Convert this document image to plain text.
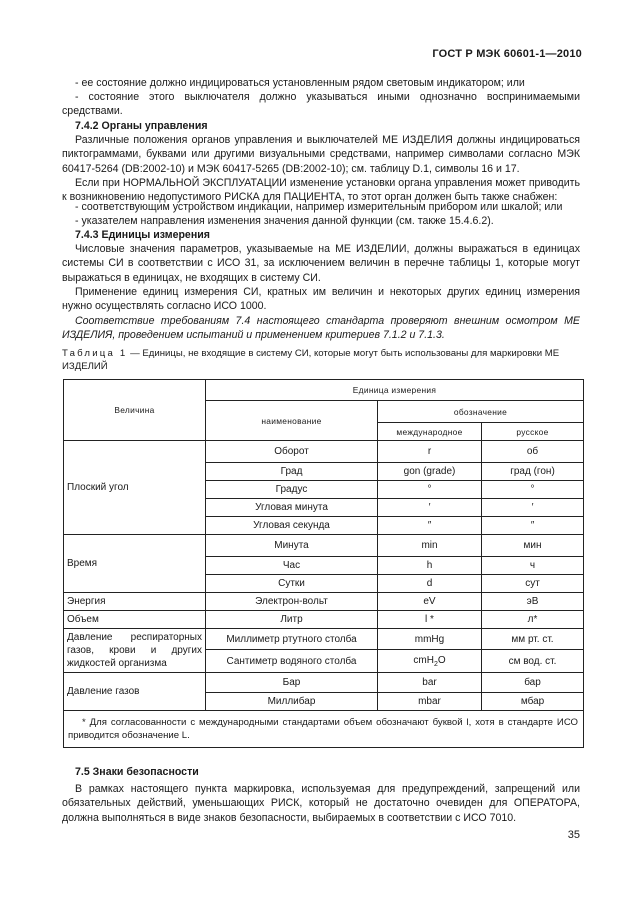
ГОСТ Р МЭК 60601-1—2010
- ее состояние должно индицироваться установленным рядом световым индикатором; или
- состояние этого выключателя должно указываться иными однозначно воспринимаемыми средствами.
7.4.2 Органы управления
Различные положения органов управления и выключателей МЕ ИЗДЕЛИЯ должны индицироваться пиктограммами, буквами или другими визуальными средствами, например символами согласно МЭК 60417-5264 (DB:2002-10) и МЭК 60417-5265 (DB:2002-10); см. таблицу D.1, символы 16 и 17.
Если при НОРМАЛЬНОЙ ЭКСПЛУАТАЦИИ изменение установки органа управления может приводить к возникновению недопустимого РИСКА для ПАЦИЕНТА, то этот орган должен быть также снабжен:
- соответствующим устройством индикации, например измерительным прибором или шкалой; или
- указателем направления изменения значения данной функции (см. также 15.4.6.2).
7.4.3 Единицы измерения
Числовые значения параметров, указываемые на МЕ ИЗДЕЛИИ, должны выражаться в единицах системы СИ в соответствии с ИСО 31, за исключением величин в перечне таблицы 1, которые могут выражаться в единицах, не входящих в систему СИ.
Применение единиц измерения СИ, кратных им величин и некоторых других единиц измерения нужно осуществлять согласно ИСО 1000.
Соответствие требованиям 7.4 настоящего стандарта проверяют внешним осмотром МЕ ИЗДЕЛИЯ, проведением испытаний и применением критериев 7.1.2 и 7.1.3.
Таблица 1 — Единицы, не входящие в систему СИ, которые могут быть использованы для маркировки МЕ ИЗДЕЛИЙ
Величина	Единица измерения		
	наименование	обозначение	
		международное	русское
Плоский угол	Оборот	r	об
	Град	gon (grade)	град (гон)
	Градус	°	°
	Угловая минута	′	′
	Угловая секунда	″	″
Время	Минута	min	мин
	Час	h	ч
	Сутки	d	сут
Энергия	Электрон-вольт	eV	эВ
Объем	Литр	l *	л*
Давление респираторных газов, крови и других жидкостей организма	Миллиметр ртутного столба	mmHg	мм рт. ст.
	Сантиметр водяного столба	cmH$_2$O	см вод. ст.
Давление газов	Бар	bar	бар
	Миллибар	mbar	мбар
* Для согласованности с международными стандартами объем обозначают буквой l, хотя в стандарте ИСО приводится обозначение L.			
7.5 Знаки безопасности
В рамках настоящего пункта маркировка, используемая для предупреждений, запрещений или обязательных действий, уменьшающих РИСК, который не достаточно очевиден для ОПЕРАТОРА, должна выполняться в виде знаков безопасности, выбираемых в соответствии с ИСО 7010.
35
